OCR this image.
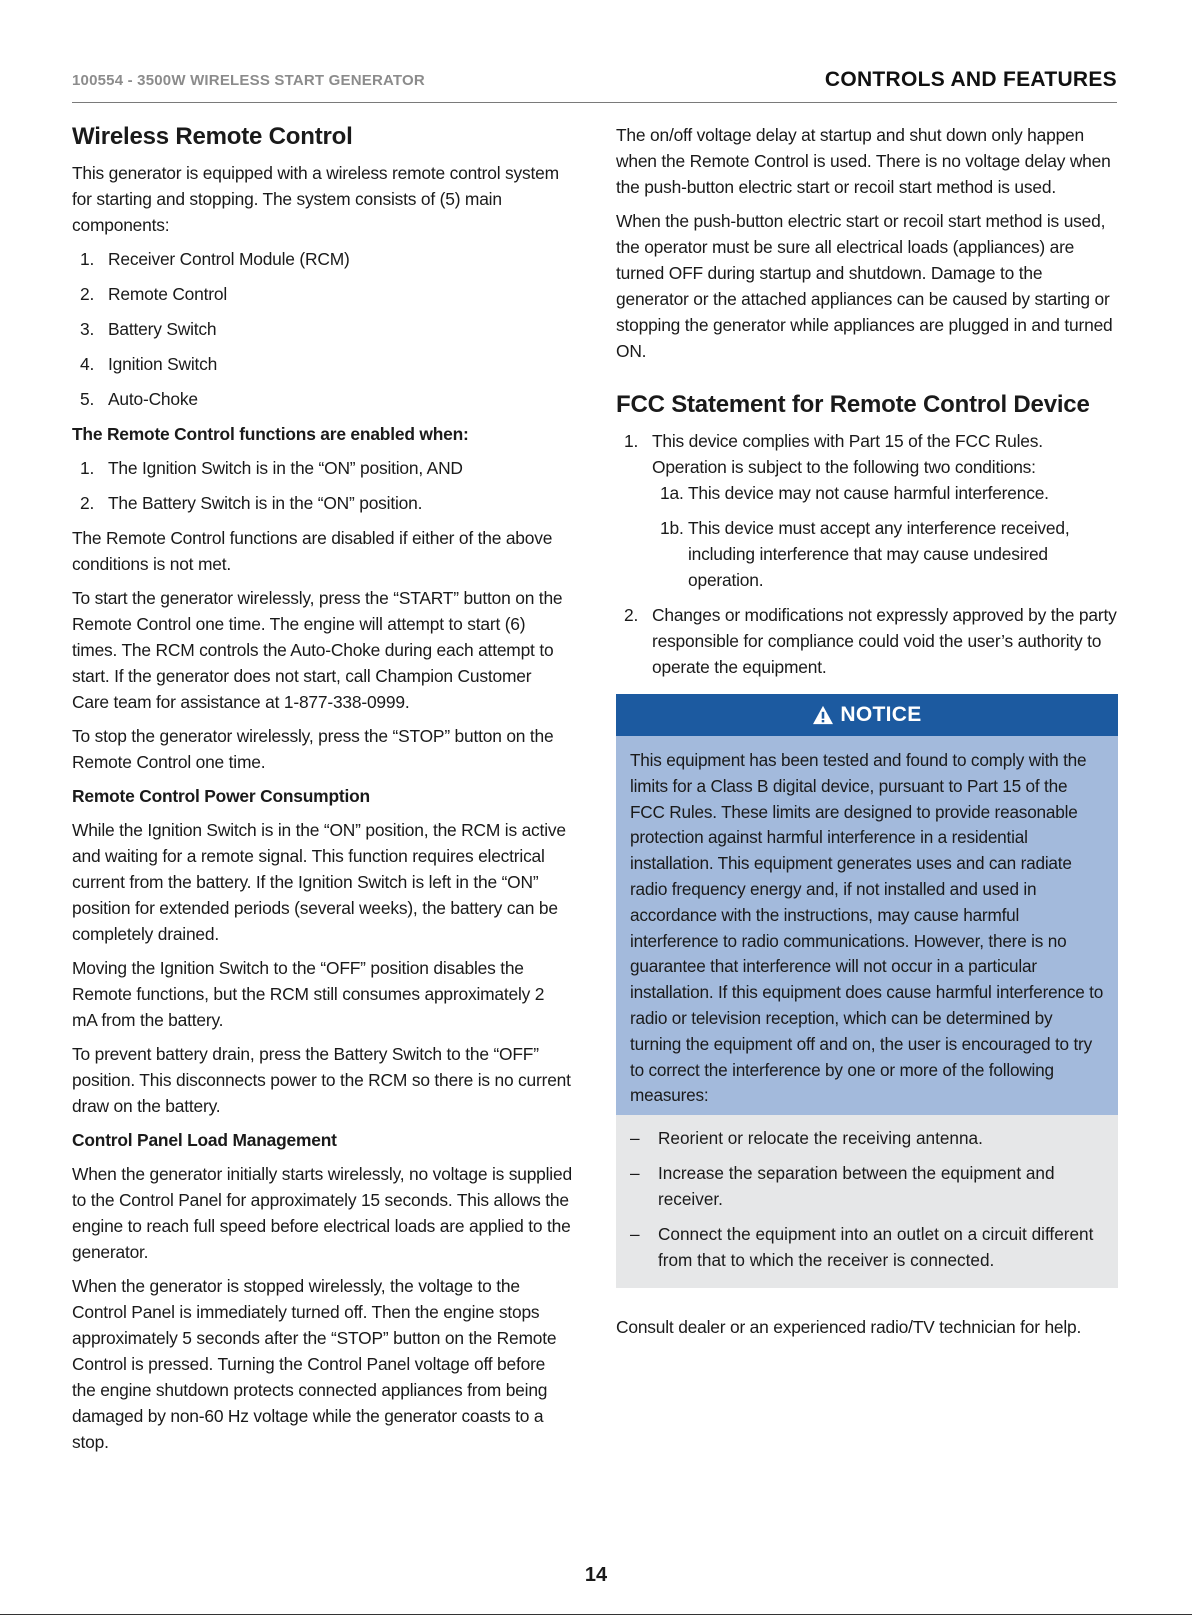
100554 - 3500W WIRELESS START GENERATOR	CONTROLS AND FEATURES
Wireless Remote Control

This generator is equipped with a wireless remote control system for starting and stopping. The system consists of (5) main components:

1. Receiver Control Module (RCM)
2. Remote Control
3. Battery Switch
4. Ignition Switch
5. Auto-Choke
The Remote Control functions are enabled when:
1. The Ignition Switch is in the “ON” position, AND
2. The Battery Switch is in the “ON” position.

The Remote Control functions are disabled if either of the above conditions is not met.

To start the generator wirelessly, press the “START” button on the Remote Control one time. The engine will attempt to start (6) times. The RCM controls the Auto-Choke during each attempt to start. If the generator does not start, call Champion Customer Care team for assistance at 1-877-338-0999.

To stop the generator wirelessly, press the “STOP” button on the Remote Control one time.

Remote Control Power Consumption

While the Ignition Switch is in the “ON” position, the RCM is active and waiting for a remote signal. This function requires electrical current from the battery. If the Ignition Switch is left in the “ON” position for extended periods (several weeks), the battery can be completely drained.

Moving the Ignition Switch to the “OFF” position disables the Remote functions, but the RCM still consumes approximately 2 mA from the battery.

To prevent battery drain, press the Battery Switch to the “OFF” position. This disconnects power to the RCM so there is no current draw on the battery.

Control Panel Load Management

When the generator initially starts wirelessly, no voltage is supplied to the Control Panel for approximately 15 seconds. This allows the engine to reach full speed before electrical loads are applied to the generator.

When the generator is stopped wirelessly, the voltage to the Control Panel is immediately turned off. Then the engine stops approximately 5 seconds after the “STOP” button on the Remote Control is pressed. Turning the Control Panel voltage off before the engine shutdown protects connected appliances from being damaged by non-60 Hz voltage while the generator coasts to a stop.

The on/off voltage delay at startup and shut down only happen when the Remote Control is used. There is no voltage delay when the push-button electric start or recoil start method is used.

When the push-button electric start or recoil start method is used, the operator must be sure all electrical loads (appliances) are turned OFF during startup and shutdown. Damage to the generator or the attached appliances can be caused by starting or stopping the generator while appliances are plugged in and turned ON.

FCC Statement for Remote Control Device
1. This device complies with Part 15 of the FCC Rules. Operation is subject to the following two conditions:
1a. This device may not cause harmful interference.
1b. This device must accept any interference received, including interference that may cause undesired operation.
2. Changes or modifications not expressly approved by the party responsible for compliance could void the user’s authority to operate the equipment.
NOTICE

This equipment has been tested and found to comply with the limits for a Class B digital device, pursuant to Part 15 of the FCC Rules. These limits are designed to provide reasonable protection against harmful interference in a residential installation. This equipment generates uses and can radiate radio frequency energy and, if not installed and used in accordance with the instructions, may cause harmful interference to radio communications. However, there is no guarantee that interference will not occur in a particular installation. If this equipment does cause harmful interference to radio or television reception, which can be determined by turning the equipment off and on, the user is encouraged to try to correct the interference by one or more of the following measures:

– Reorient or relocate the receiving antenna.
– Increase the separation between the equipment and receiver.
– Connect the equipment into an outlet on a circuit different from that to which the receiver is connected.

Consult dealer or an experienced radio/TV technician for help.

14
